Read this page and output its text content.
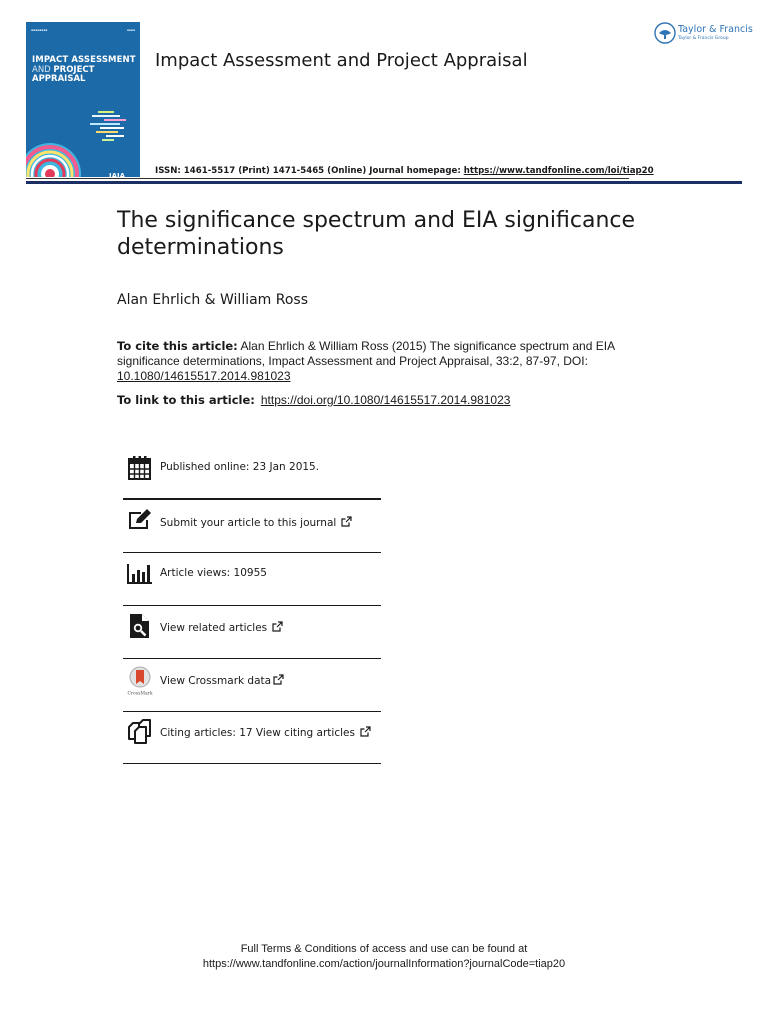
▪▪▪▪▪▪▪▪	▪▪▪▪
IMPACT ASSESSMENT
AND PROJECT APPRAISAL
IAIA
Impact Assessment and Project Appraisal
ISSN: 1461-5517 (Print) 1471-5465 (Online) Journal homepage: https://www.tandfonline.com/loi/tiap20
Taylor & Francis
Taylor & Francis Group
The significance spectrum and EIA significance determinations
Alan Ehrlich & William Ross
To cite this article: Alan Ehrlich & William Ross (2015) The significance spectrum and EIA significance determinations, Impact Assessment and Project Appraisal, 33:2, 87-97, DOI: 10.1080/14615517.2014.981023
To link to this article: https://doi.org/10.1080/14615517.2014.981023
Published online: 23 Jan 2015.
Submit your article to this journal
Article views: 10955
View related articles
CrossMark
View Crossmark data
Citing articles: 17 View citing articles
Full Terms & Conditions of access and use can be found at
https://www.tandfonline.com/action/journalInformation?journalCode=tiap20
